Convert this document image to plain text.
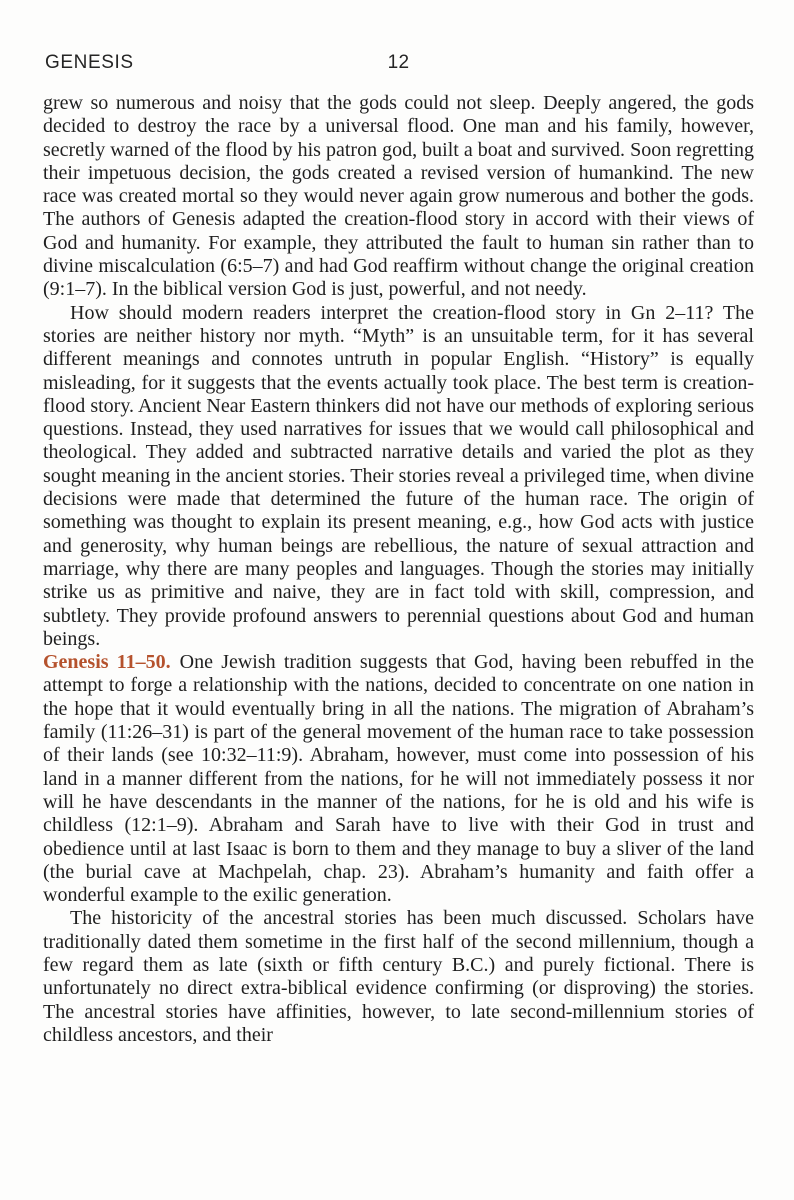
GENESIS	12

grew so numerous and noisy that the gods could not sleep. Deeply angered, the gods decided to destroy the race by a universal flood. One man and his family, however, secretly warned of the flood by his patron god, built a boat and survived. Soon regretting their impetuous decision, the gods created a revised version of humankind. The new race was created mortal so they would never again grow numerous and bother the gods. The authors of Genesis adapted the creation-flood story in accord with their views of God and humanity. For example, they attributed the fault to human sin rather than to divine miscalculation (6:5–7) and had God reaffirm without change the original creation (9:1–7). In the biblical version God is just, powerful, and not needy.

How should modern readers interpret the creation-flood story in Gn 2–11? The stories are neither history nor myth. “Myth” is an unsuitable term, for it has several different meanings and connotes untruth in popular English. “History” is equally misleading, for it suggests that the events actually took place. The best term is creation-flood story. Ancient Near Eastern thinkers did not have our methods of exploring serious questions. Instead, they used narratives for issues that we would call philosophical and theological. They added and subtracted narrative details and varied the plot as they sought meaning in the ancient stories. Their stories reveal a privileged time, when divine decisions were made that determined the future of the human race. The origin of something was thought to explain its present meaning, e.g., how God acts with justice and generosity, why human beings are rebellious, the nature of sexual attraction and marriage, why there are many peoples and languages. Though the stories may initially strike us as primitive and naive, they are in fact told with skill, compression, and subtlety. They provide profound answers to perennial questions about God and human beings.

Genesis 11–50. One Jewish tradition suggests that God, having been rebuffed in the attempt to forge a relationship with the nations, decided to concentrate on one nation in the hope that it would eventually bring in all the nations. The migration of Abraham’s family (11:26–31) is part of the general movement of the human race to take possession of their lands (see 10:32–11:9). Abraham, however, must come into possession of his land in a manner different from the nations, for he will not immediately possess it nor will he have descendants in the manner of the nations, for he is old and his wife is childless (12:1–9). Abraham and Sarah have to live with their God in trust and obedience until at last Isaac is born to them and they manage to buy a sliver of the land (the burial cave at Machpelah, chap. 23). Abraham’s humanity and faith offer a wonderful example to the exilic generation.

The historicity of the ancestral stories has been much discussed. Scholars have traditionally dated them sometime in the first half of the second millennium, though a few regard them as late (sixth or fifth century B.C.) and purely fictional. There is unfortunately no direct extra-biblical evidence confirming (or disproving) the stories. The ancestral stories have affinities, however, to late second-millennium stories of childless ancestors, and their
